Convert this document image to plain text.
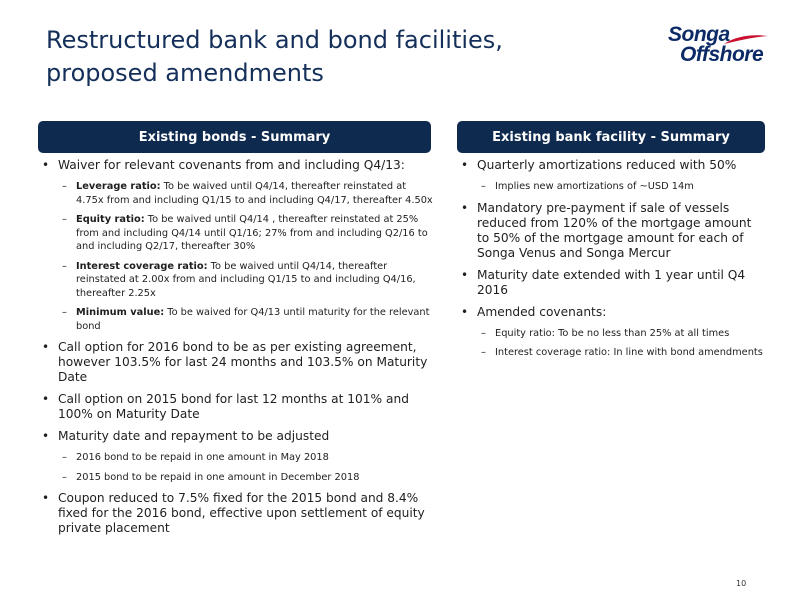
Restructured bank and bond facilities, proposed amendments
Songa
Offshore
Existing bonds - Summary	Existing bank facility - Summary
• Waiver for relevant covenants from and including Q4/13:
– Leverage ratio: To be waived until Q4/14, thereafter reinstated at 4.75x from and including Q1/15 to and including Q4/17, thereafter 4.50x
– Equity ratio: To be waived until Q4/14 , thereafter reinstated at 25% from and including Q4/14 until Q1/16; 27% from and including Q2/16 to and including Q2/17, thereafter 30%
– Interest coverage ratio: To be waived until Q4/14, thereafter reinstated at 2.00x from and including Q1/15 to and including Q4/16, thereafter 2.25x
– Minimum value: To be waived for Q4/13 until maturity for the relevant bond
• Call option for 2016 bond to be as per existing agreement, however 103.5% for last 24 months and 103.5% on Maturity Date
• Call option on 2015 bond for last 12 months at 101% and 100% on Maturity Date
• Maturity date and repayment to be adjusted
– 2016 bond to be repaid in one amount in May 2018
– 2015 bond to be repaid in one amount in December 2018
• Coupon reduced to 7.5% fixed for the 2015 bond and 8.4% fixed for the 2016 bond, effective upon settlement of equity private placement
• Quarterly amortizations reduced with 50%
– Implies new amortizations of ~USD 14m
• Mandatory pre-payment if sale of vessels reduced from 120% of the mortgage amount to 50% of the mortgage amount for each of Songa Venus and Songa Mercur
• Maturity date extended with 1 year until Q4 2016
• Amended covenants:
– Equity ratio: To be no less than 25% at all times
– Interest coverage ratio: In line with bond amendments
10
